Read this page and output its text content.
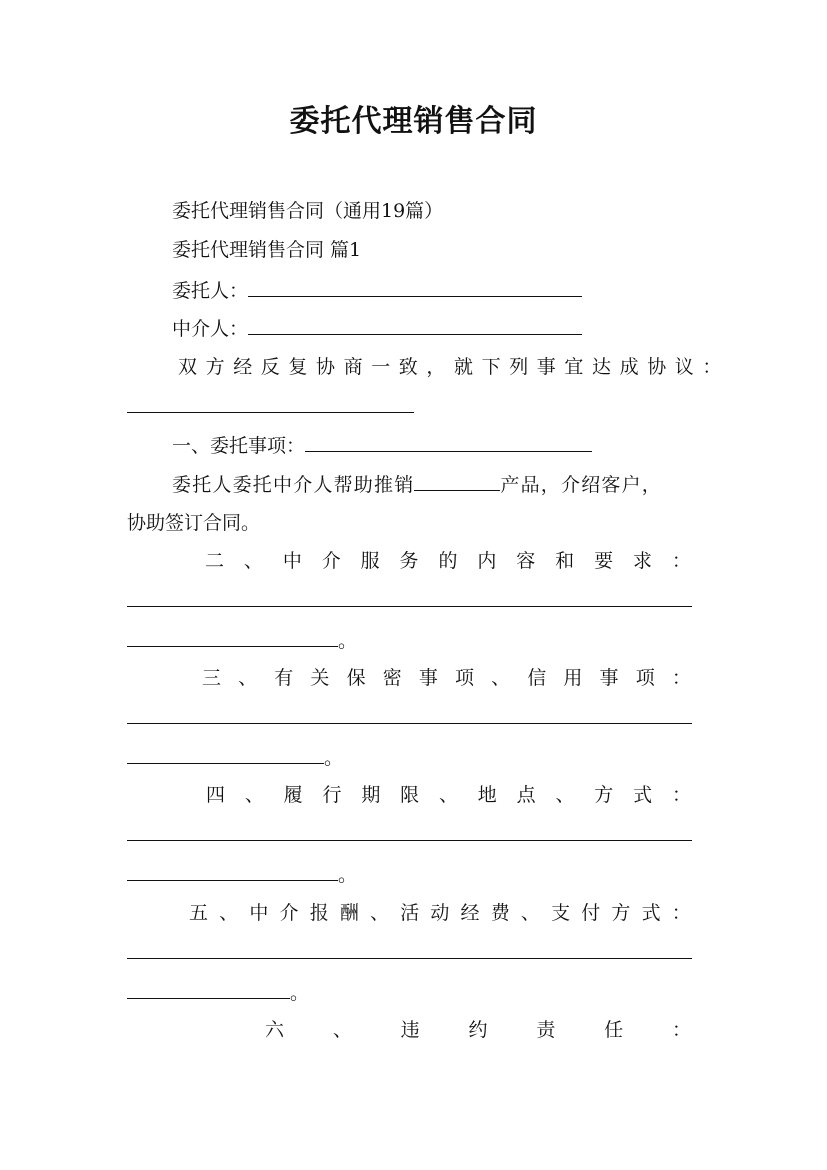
委托代理销售合同
委托代理销售合同（通用19篇）
委托代理销售合同 篇1
委托人：
中介人：
双方经反复协商一致，就下列事宜达成协议：
一、委托事项：
委托人委托中介人帮助推销	产品，介绍客户，
协助签订合同。
二 、 中 介 服 务 的 内 容 和 要 求 ：
。
三 、 有 关 保 密 事 项 、 信 用 事 项 ：
。
四 、 履 行 期 限 、 地 点 、 方 式 ：
。
五 、 中 介 报 酬 、 活 动 经 费 、 支 付 方 式 ：
。
六	、	违	约	责	任	：
